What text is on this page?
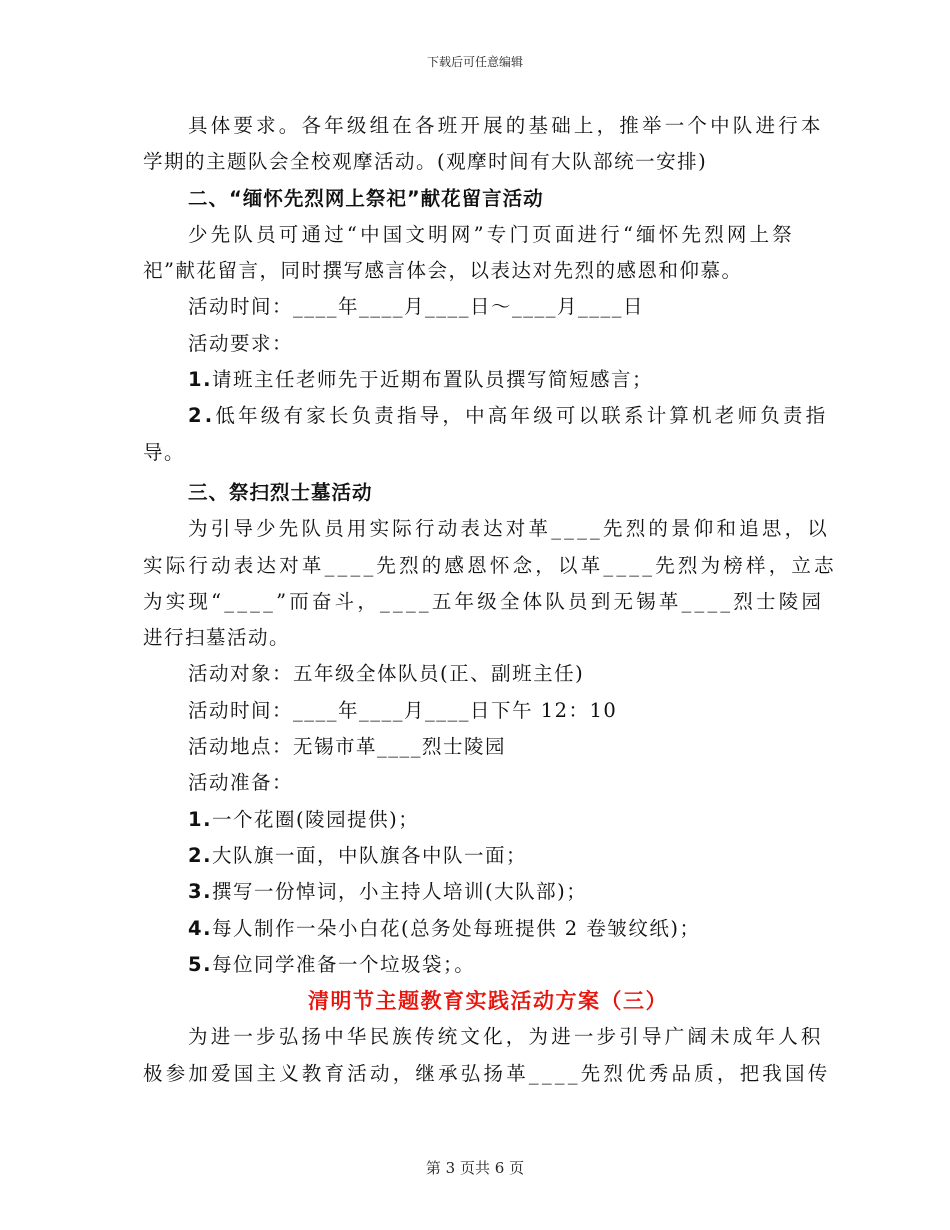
下载后可任意编辑
具体要求。各年级组在各班开展的基础上，推举一个中队进行本
学期的主题队会全校观摩活动。(观摩时间有大队部统一安排)
二、“缅怀先烈网上祭祀”献花留言活动
少先队员可通过“中国文明网”专门页面进行“缅怀先烈网上祭
祀”献花留言，同时撰写感言体会，以表达对先烈的感恩和仰慕。
活动时间：____年____月____日～____月____日
活动要求：
1.请班主任老师先于近期布置队员撰写简短感言；
2.低年级有家长负责指导，中高年级可以联系计算机老师负责指
导。
三、祭扫烈士墓活动
为引导少先队员用实际行动表达对革____先烈的景仰和追思，以
实际行动表达对革____先烈的感恩怀念，以革____先烈为榜样，立志
为实现“____”而奋斗，____五年级全体队员到无锡革____烈士陵园
进行扫墓活动。
活动对象：五年级全体队员(正、副班主任)
活动时间：____年____月____日下午 12：10
活动地点：无锡市革____烈士陵园
活动准备：
1.一个花圈(陵园提供)；
2.大队旗一面，中队旗各中队一面；
3.撰写一份悼词，小主持人培训(大队部)；
4.每人制作一朵小白花(总务处每班提供 2 卷皱纹纸)；
5.每位同学准备一个垃圾袋；。
清明节主题教育实践活动方案（三）
为进一步弘扬中华民族传统文化，为进一步引导广阔未成年人积
极参加爱国主义教育活动，继承弘扬革____先烈优秀品质，把我国传
第 3 页共 6 页
